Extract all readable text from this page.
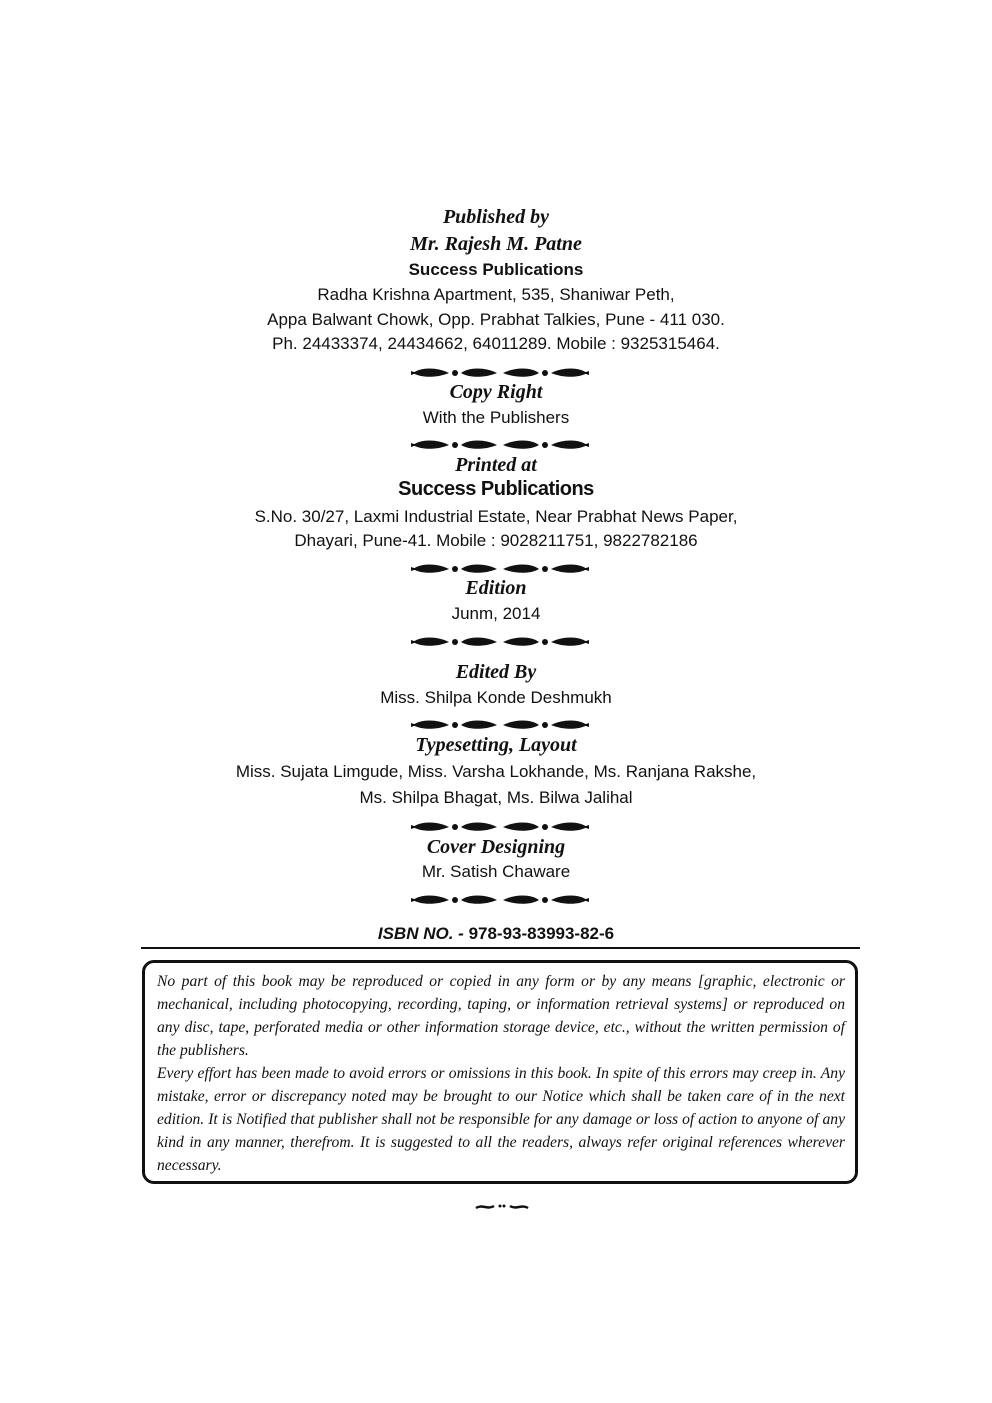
Published by
Mr. Rajesh M. Patne
Success Publications
Radha Krishna Apartment, 535, Shaniwar Peth,
Appa Balwant Chowk, Opp. Prabhat Talkies, Pune - 411 030.
Ph. 24433374, 24434662, 64011289. Mobile : 9325315464.
Copy Right
With the Publishers
Printed at
Success Publications
S.No. 30/27, Laxmi Industrial Estate, Near Prabhat News Paper,
Dhayari, Pune-41. Mobile : 9028211751, 9822782186
Edition
Junm, 2014
Edited By
Miss. Shilpa Konde Deshmukh
Typesetting, Layout
Miss. Sujata Limgude, Miss. Varsha Lokhande, Ms. Ranjana Rakshe,
Ms. Shilpa Bhagat, Ms. Bilwa Jalihal
Cover Designing
Mr. Satish Chaware
ISBN NO. - 978-93-83993-82-6

No part of this book may be reproduced or copied in any form or by any means [graphic, electronic or mechanical, including photocopying, recording, taping, or information retrieval systems] or reproduced on any disc, tape, perforated media or other information storage device, etc., without the written permission of the publishers.

Every effort has been made to avoid errors or omissions in this book. In spite of this errors may creep in. Any mistake, error or discrepancy noted may be brought to our Notice which shall be taken care of in the next edition. It is Notified that publisher shall not be responsible for any damage or loss of action to anyone of any kind in any manner, therefrom. It is suggested to all the readers, always refer original references wherever necessary.
